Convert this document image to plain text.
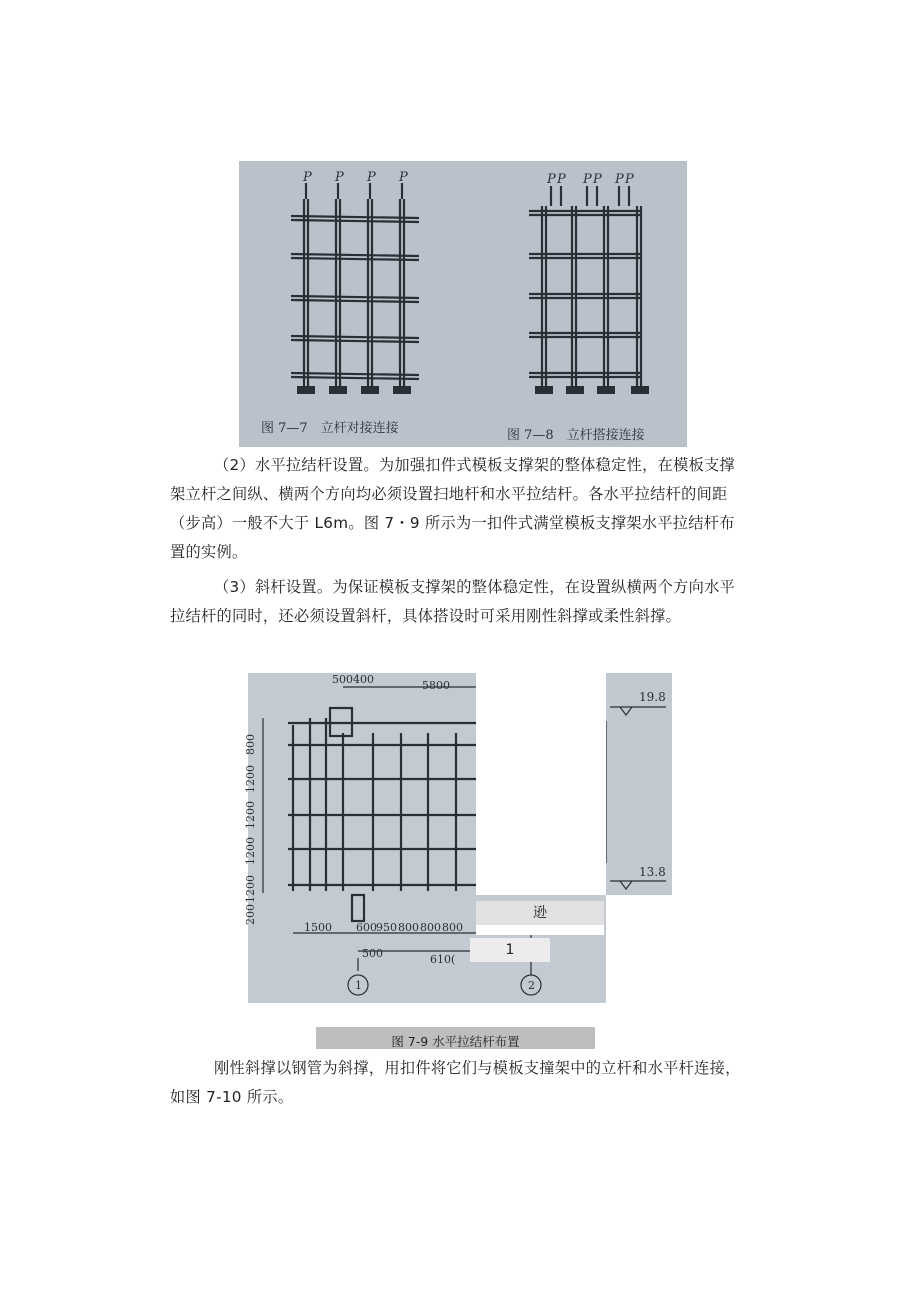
P P P P	P P P P P P
图 7—7　立杆对接连接	图 7—8　立杆搭接连接

（2）水平拉结杆设置。为加强扣件式模板支撑架的整体稳定性，在模板支撑架立杆之间纵、横两个方向均必须设置扫地杆和水平拉结杆。各水平拉结杆的间距（步高）一般不大于 L6m。图 7・9 所示为一扣件式满堂模板支撑架水平拉结杆布置的实例。

（3）斜杆设置。为保证模板支撑架的整体稳定性，在设置纵横两个方向水平拉结杆的同时，还必须设置斜杆，具体搭设时可采用刚性斜撑或柔性斜撑。

500400	5800
800
1200
1200
1200
1200
200
1500 600 950 800 800 800
500	610(
1	2
19.8
13.8
逊
1
图 7-9 水平拉结杆布置

刚性斜撑以钢管为斜撑，用扣件将它们与模板支撞架中的立杆和水平杆连接，如图 7-10 所示。
